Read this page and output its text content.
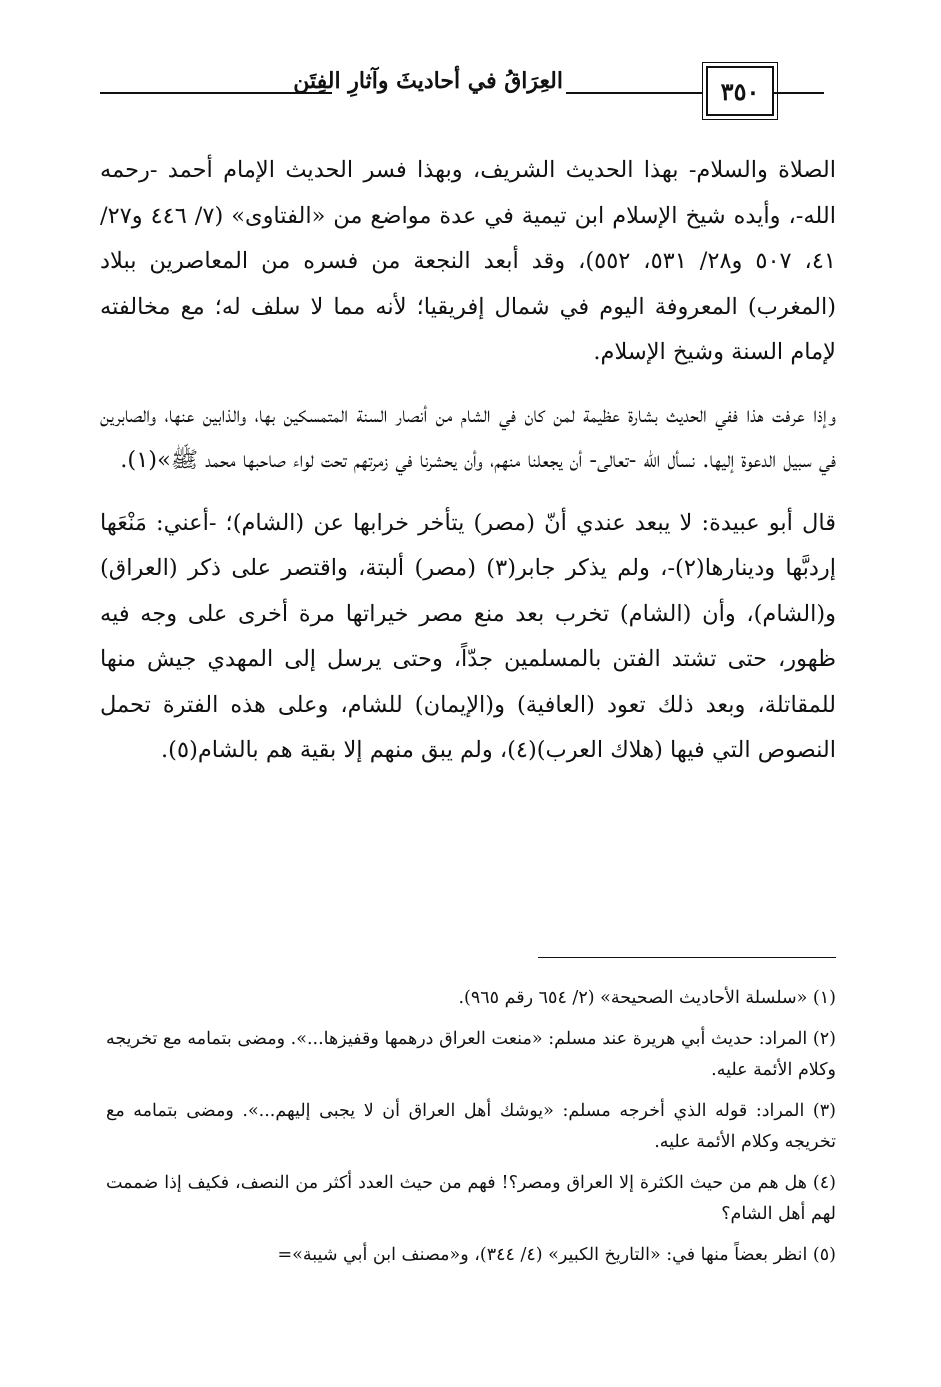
العِرَاقُ في أحاديثَ وآثارِ الفِتَن	٣٥٠

الصلاة والسلام- بهذا الحديث الشريف، وبهذا فسر الحديث الإمام أحمد -رحمه الله-، وأيده شيخ الإسلام ابن تيمية في عدة مواضع من «الفتاوى» (٧/ ٤٤٦ و٢٧/ ٤١، ٥٠٧ و٢٨/ ٥٣١، ٥٥٢)، وقد أبعد النجعة من فسره من المعاصرين ببلاد (المغرب) المعروفة اليوم في شمال إفريقيا؛ لأنه مما لا سلف له؛ مع مخالفته لإمام السنة وشيخ الإسلام.

وإذا عرفت هذا ففي الحديث بشارة عظيمة لمن كان في الشام من أنصار السنة المتمسكين بها، والذابين عنها، والصابرين في سبيل الدعوة إليها. نسأل الله -تعالى- أن يجعلنا منهم، وأن يحشرنا في زمرتهم تحت لواء صاحبها محمد ﷺ»(١).

قال أبو عبيدة: لا يبعد عندي أنّ (مصر) يتأخر خرابها عن (الشام)؛ -أعني: مَنْعَها إردبَّها ودينارها(٢)-، ولم يذكر جابر(٣) (مصر) ألبتة، واقتصر على ذكر (العراق) و(الشام)، وأن (الشام) تخرب بعد منع مصر خيراتها مرة أخرى على وجه فيه ظهور، حتى تشتد الفتن بالمسلمين جدّاً، وحتى يرسل إلى المهدي جيش منها للمقاتلة، وبعد ذلك تعود (العافية) و(الإيمان) للشام، وعلى هذه الفترة تحمل النصوص التي فيها (هلاك العرب)(٤)، ولم يبق منهم إلا بقية هم بالشام(٥).

(١) «سلسلة الأحاديث الصحيحة» (٢/ ٦٥٤ رقم ٩٦٥).

(٢) المراد: حديث أبي هريرة عند مسلم: «منعت العراق درهمها وقفيزها...». ومضى بتمامه مع تخريجه وكلام الأئمة عليه.

(٣) المراد: قوله الذي أخرجه مسلم: «يوشك أهل العراق أن لا يجبى إليهم...». ومضى بتمامه مع تخريجه وكلام الأئمة عليه.

(٤) هل هم من حيث الكثرة إلا العراق ومصر؟! فهم من حيث العدد أكثر من النصف، فكيف إذا ضممت لهم أهل الشام؟

(٥) انظر بعضاً منها في: «التاريخ الكبير» (٤/ ٣٤٤)، و«مصنف ابن أبي شيبة»=
